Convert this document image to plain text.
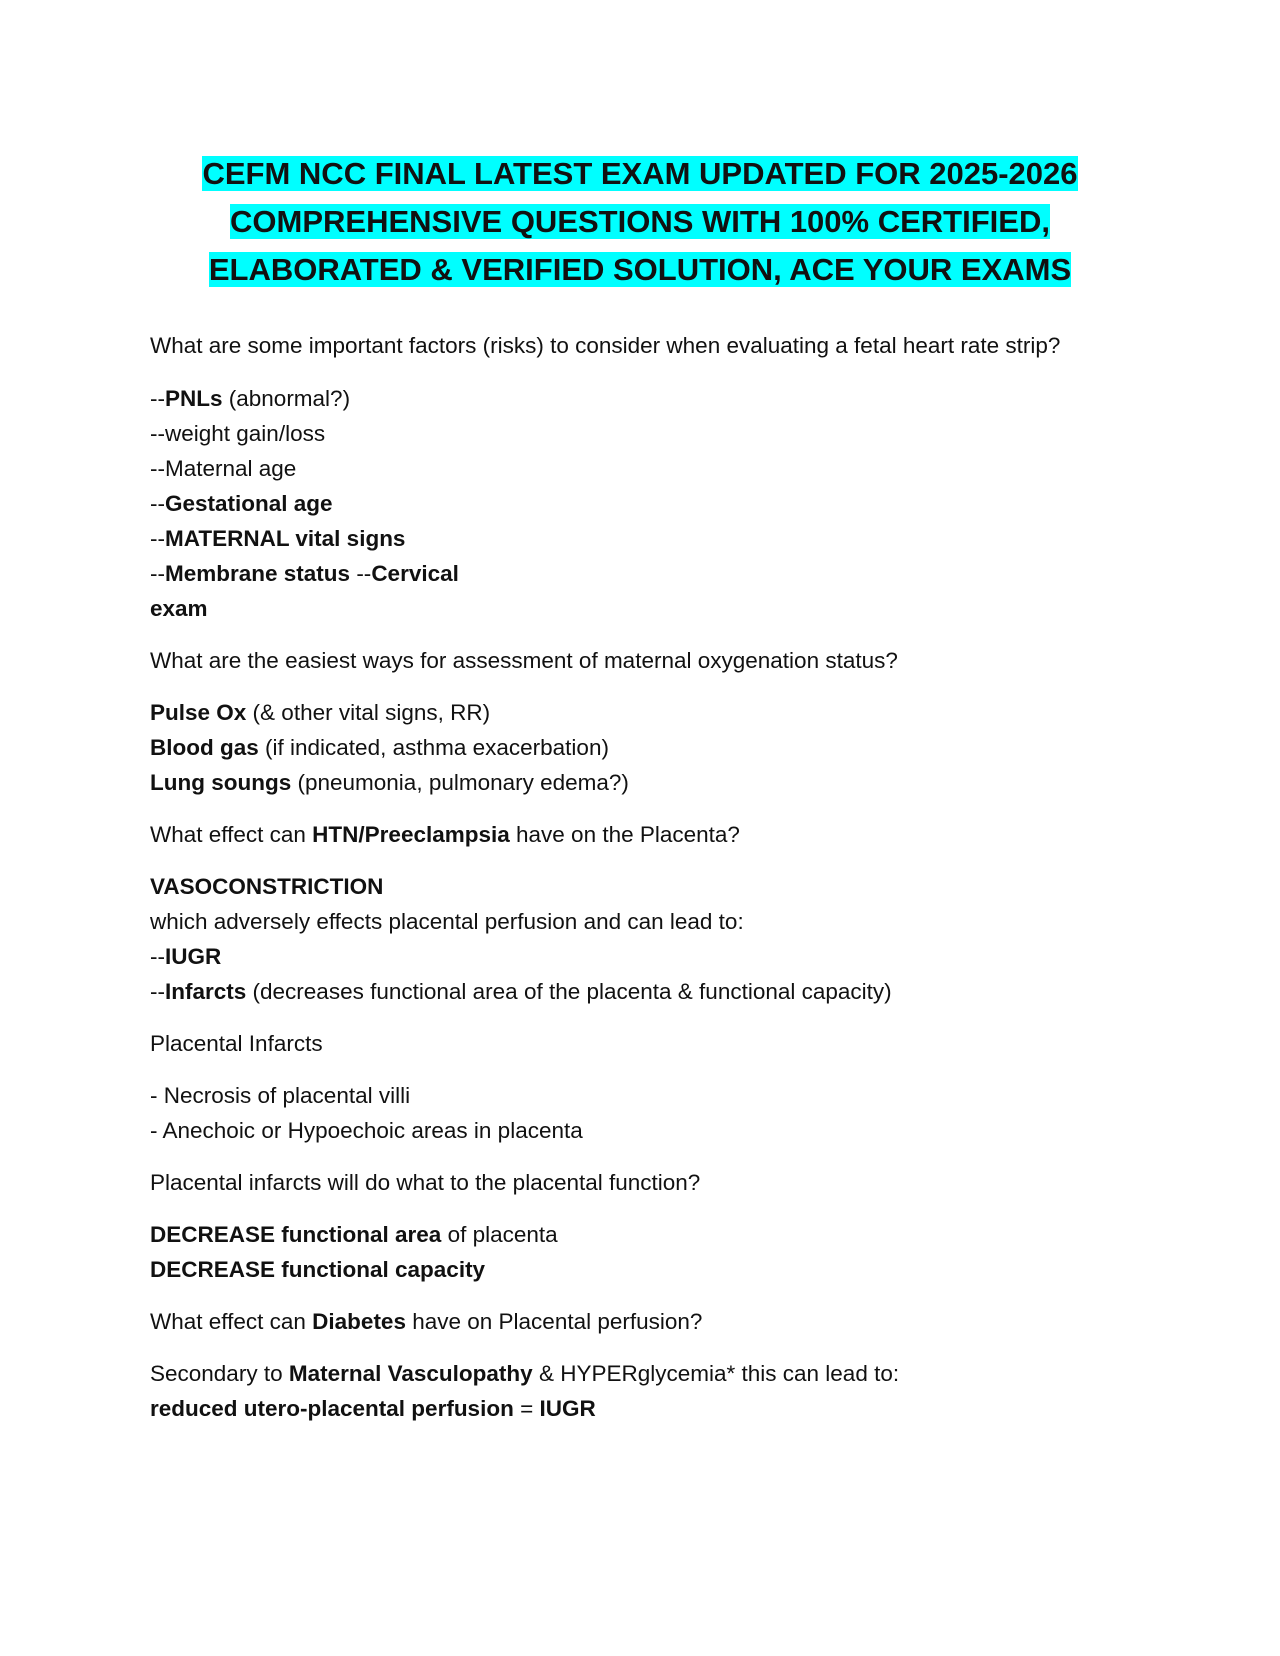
CEFM NCC FINAL LATEST EXAM UPDATED FOR 2025-2026
COMPREHENSIVE QUESTIONS WITH 100% CERTIFIED,
ELABORATED & VERIFIED SOLUTION, ACE YOUR EXAMS

What are some important factors (risks) to consider when evaluating a fetal heart rate strip?

--PNLs (abnormal?)
--weight gain/loss
--Maternal age
--Gestational age
--MATERNAL vital signs
--Membrane status --Cervical
exam

What are the easiest ways for assessment of maternal oxygenation status?

Pulse Ox (& other vital signs, RR)
Blood gas (if indicated, asthma exacerbation)
Lung soungs (pneumonia, pulmonary edema?)

What effect can HTN/Preeclampsia have on the Placenta?

VASOCONSTRICTION
which adversely effects placental perfusion and can lead to:
--IUGR
--Infarcts (decreases functional area of the placenta & functional capacity)

Placental Infarcts

- Necrosis of placental villi
- Anechoic or Hypoechoic areas in placenta

Placental infarcts will do what to the placental function?

DECREASE functional area of placenta
DECREASE functional capacity

What effect can Diabetes have on Placental perfusion?

Secondary to Maternal Vasculopathy & HYPERglycemia* this can lead to:
reduced utero-placental perfusion = IUGR
